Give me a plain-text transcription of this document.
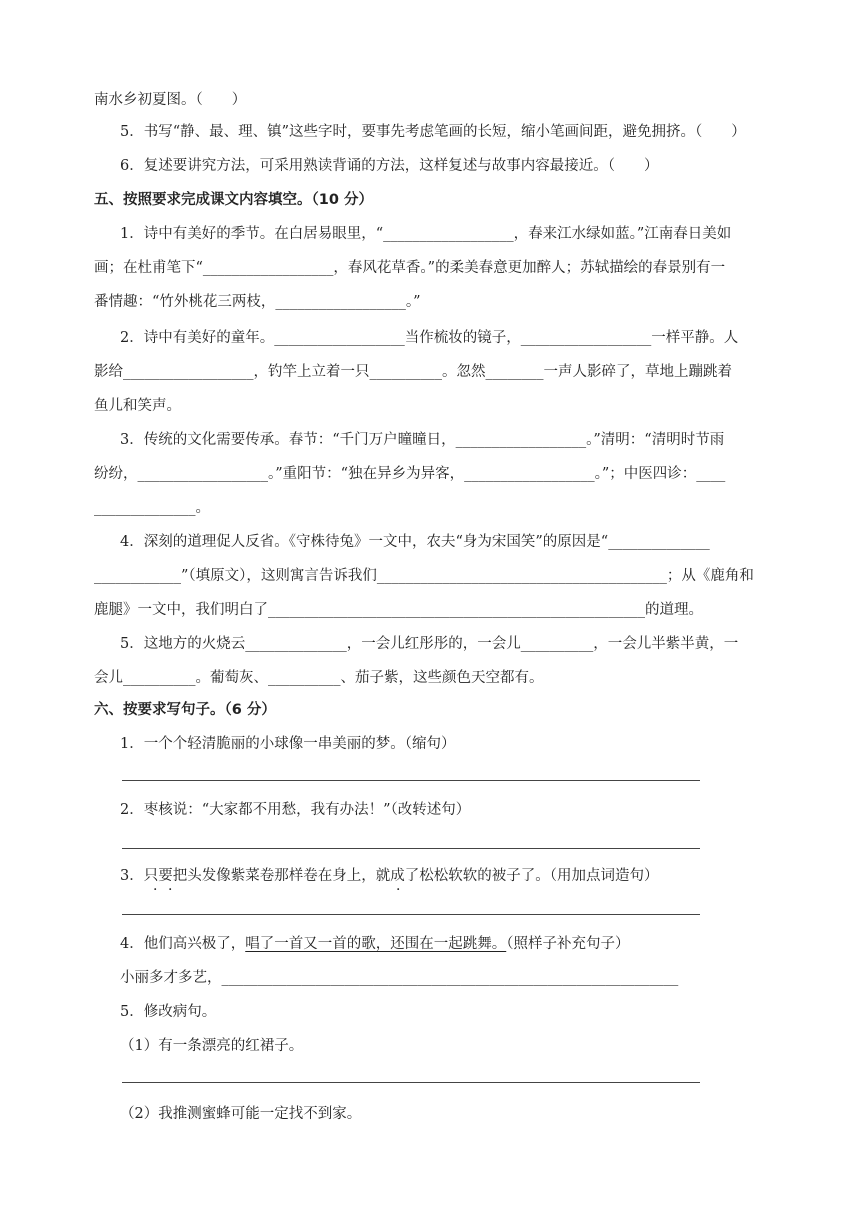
南水乡初夏图。（　　）
5．书写“静、最、理、镇”这些字时，要事先考虑笔画的长短，缩小笔画间距，避免拥挤。（　　）
6．复述要讲究方法，可采用熟读背诵的方法，这样复述与故事内容最接近。（　　）
五、按照要求完成课文内容填空。（10 分）
1．诗中有美好的季节。在白居易眼里，“__________________，春来江水绿如蓝。”江南春日美如
画；在杜甫笔下“__________________，春风花草香。”的柔美春意更加醉人；苏轼描绘的春景别有一
番情趣：“竹外桃花三两枝，__________________。”
2．诗中有美好的童年。__________________当作梳妆的镜子，__________________一样平静。人
影给__________________，钓竿上立着一只__________。忽然________一声人影碎了，草地上蹦跳着
鱼儿和笑声。
3．传统的文化需要传承。春节：“千门万户曈曈日，__________________。”清明：“清明时节雨
纷纷，__________________。”重阳节：“独在异乡为异客，__________________。”；中医四诊：____
______________。
4．深刻的道理促人反省。《守株待兔》一文中，农夫“身为宋国笑”的原因是“______________
____________”（填原文），这则寓言告诉我们________________________________________；从《鹿角和
鹿腿》一文中，我们明白了____________________________________________________的道理。
5．这地方的火烧云______________，一会儿红彤彤的，一会儿__________，一会儿半紫半黄，一
会儿__________。葡萄灰、__________、茄子紫，这些颜色天空都有。
六、按要求写句子。（6 分）
1．一个个轻清脆丽的小球像一串美丽的梦。（缩句）
2．枣核说：“大家都不用愁，我有办法！”（改转述句）
3．只要把头发像紫菜卷那样卷在身上，就成了松松软软的被子了。（用加点词造句）
· ·	·
4．他们高兴极了，唱了一首又一首的歌，还围在一起跳舞。（照样子补充句子）
小丽多才多艺，_______________________________________________________________
5．修改病句。
（1）有一条漂亮的红裙子。
（2）我推测蜜蜂可能一定找不到家。
